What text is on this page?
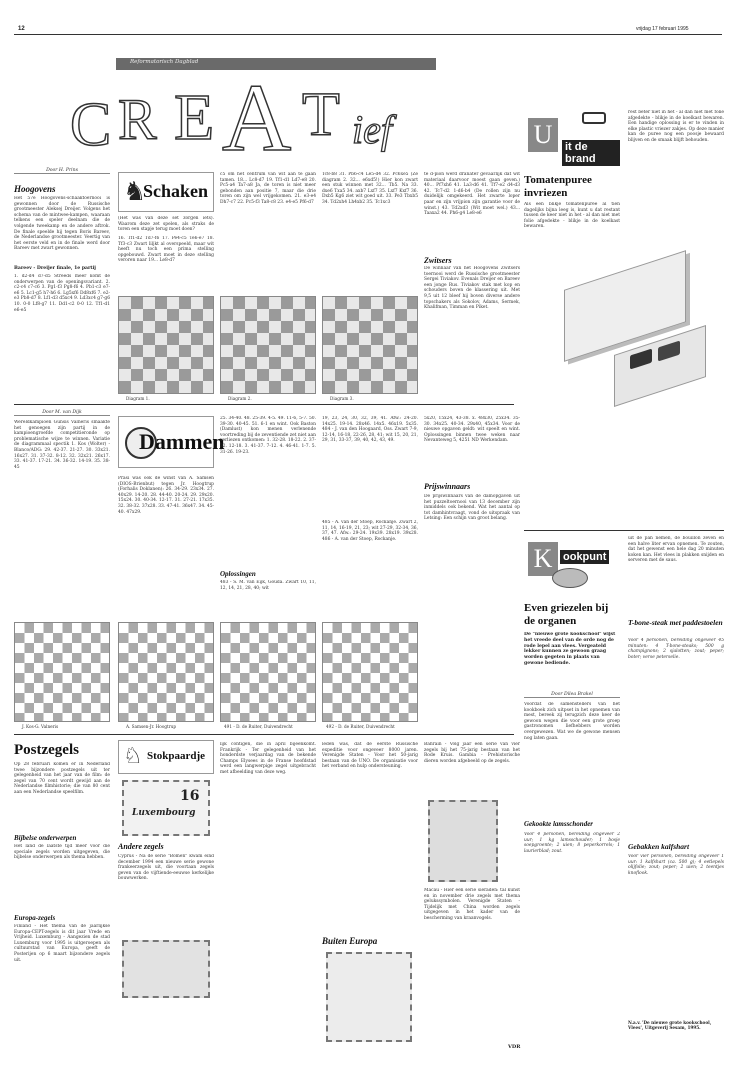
12	vrijdag 17 februari 1995
Reformatorisch Dagblad
C R E A T ief
Door H. Prins
Hoogovens
Het 57e Hoogovens-schaaktoernooi is gewonnen door de Russische grootmeester Aleksej Dreijer. Volgens het schema van de mintwee-kampen, waaraan telkens een speler deelnam die de volgende tweekamp en de andere aftrok. De finale speelde hij tegen Boris Bareev, de Nederlandse grootmeester. Veertig van het eerste veld en in de finale werd door Bareev met zwart gewonnen.
Bareev - Dreijer finale, 1e partij
1. d2-d4 d7-d5 Streeds meer komt de onderwerpen van de openingsvariant. 2. c2-c4 c7-c6 3. Pg1-f3 Pg8-f6 4. Pb1-c3 e7-e6 5. Lc1-g5 h7-h6 6. Lg5xf6 Dd8xf6 7. e2-e3 Pb8-d7 8. Lf1-d3 d5xc4 9. Ld3xc4 g7-g6 10. 0-0 Lf8-g7 11. Dd1-c2 0-0 12. Tf1-d1 e6-e5
♞
Schaken
(Het was van deze set zorgen iets). Waarom deze zet spelen, als straks de toren een stapje terug moet doen?
16. Tf1-d2 Td7-f6 17. Pe4-c5 Te6-e7 18. Tf3-c3 Zwart liljkt al overspeeld, maar wit heeft nu toch een prima stelling opgebouwd. Zwart moet in deze stelling veroren naar 19... Le8-d7
c5 om het centrum van wit aan te gaan tamen. 18... Lc8-d7 19. Tf1-d1 Ld7-e8 20. Pc5-a4 Ta7-a8 Ja, de toren is niet meer gebonden aan positie 7, maar die drie toren om zijn wel vrijgekomen. 21. e3-e4 Dh7-c7 22. Pc5-f3 Ta8-c8 23. e4-e5 Pf6-d7
Tc8-b8 31. Pb6-c4 Le5-d4 32. Pc6xe5 (Ze diagram 2. 32... e6xd5!) Hier kon zwart een stuk winnen met 32... Tb5. Na 33. dxe6 Txa5 34. axb7 Lxf7 35. Lxf7 Kxf7 36. Dxb5 Kg6 ziet wit goed uit. 33. Pe3 Tbxb5 34. Td2xh4 Lh4xb2 35. Tc1xc3
te d-pion werd dranater gevaarlijk dat wit materiaal daarvoor moest gaan geven.) 40... Pf7xh6 41. La3-d6 41. Tf7-e2 d4-d3 42. Tc7-d2 1-d6-b4 (De rollen zijn nu duidelijk omgekeerd. Het zwarte loper paar en zijn vrijpion zijn garantie voor de winst.) 43. Td2xd3 (Wit moet wel.) 43... Taaxa2 44. Ph6-g4 Le8-e6
Zwitsers
De winnaar van het Hoogovens Zwitsers toernooi werd de Russische grootmeester Sergei Tiviakov. Evenals Dreijer en Bareev een jonge Rus. Tiviakov stak met kop en schouders boven de klassering uit. Met 9,5 uit 12 bleef hij boven diverse andere topschakers als Sokolov, Adams, Sermek, Khalifman, Timman en Piket.
Diagram 1.	Diagram 2.	Diagram 3.
Door M. van Dijk
Wereldkampioen Gunsis Valneris smaakte het genoegen zijn partij in de kampioengroefde competitieronde op problematische wijze te winnen. Variatie de diagrammaal spectik 1. Kos (Wolter) - Blanco/ADG: 29. 42-37. 21-27. 30. 33x21. 16x27. 31. 37-32. 8-12. 32. 32x21. 26x17. 33. 41-37. 17-21. 34. 36-32. 14-19. 35. 38-45
Dammen
Prasi was ook de winst van A. Samsen (DIOS-Brienbut) tegen Jr. Hoogtrup (Forhalis Doklanen): 26. 34-29. 23x34. 27. 40x29. 14-20. 28. 44-40. 20-24. 29. 29x20. 15x24. 30. 40-34. 12-17. 31. 27-21. 17x35. 32. 38-32. 37x28. 33. 47-41. 36x47. 34. 45-40. 47x29.
25. 34-40. 48. 25-39. 4-5. 49. 11-6, 5-7. 50. 39-30. 40-45. 51. 6-1 en wint. Ook Baston (Damlust) kon menen verlenende voortreding bij de zeventiende zet niet aan verliezen ontkomen: 1. 32-28. 18-22. 2. 37-32. 12-18. 3. 41-37. 7-12. 4. 46-41. 1-7. 5. 31-26. 19-23.
Oplossingen
483 - S. M. van Eijk, Gouda. Zwart 10, 11, 12, 14, 21, 28, 40; wit
19, 23, 24, 30, 32, 39, 41. Afw.: 24-20. 14x25. 19-14. 28x46. 14x5. 46x19. 5x35. 484 - J. van den Hoogaard, Oss. Zwart 7-9, 12-14, 16-18, 22-26, 28, 41; wit 15, 20, 21, 29, 31, 33-37, 39, 40, 42, 43, 49.
485 - A. van der Stoep, Rockanje. Zwart 2, 11, 14, 16-19, 21, 23; wit 27-29, 32-34, 36, 37, 47. Afw.: 29-24. 19x39. 28x19. 39x28. 486 - A. van der Stoep, Rockanje.
5x20, 15x24, 43-38. x. 48x30, 25x34. 35-30. 34x25. 40-34. 29x40, 45x34. Voor de nieuwe opgaven geldt: wit speelt en wint. Oplossingen binnen twee weken naar Nevanteweg 5, 4251 ND Werkendam.
Prijswinnaars
De prijswinnaars van de damopgaven uit het puzzeltoernooi van 13 december zijn inmiddels ook bekend. Wat het aantal op tot damhintvraagt, vond de uitspraak van Letsing: Een schijn van groot belang.
J. Kos-G. Valneris	A. Samsen-Jr. Hoogtrup	491 - D. de Ruiter, Duivendrecht	492 - D. de Ruiter, Duivendrecht
Postzegels
Op 28 februari komen er in Nederland twee bijzondere postzegels uit ter gelegenheid van het jaar van de film: de zegel van 70 cent wordt gewijd aan de Nederlandse filmhistorie; die van 80 cent aan een Nederlandse speelfilm.
Bijbelse onderwerpen
Het land de laatste tijd meer voor die speciale zegels worden uitgegeven, die bijbelse onderwerpen als thema hebben.
Europa-zegels
Finland - Het thema van de jaarlijkse Europa-CEPT-zegels is dit jaar Vrede en Vrijheid. Luxemburg - Aangezien de stad Luxemburg voor 1995 is uitgeroepen als cultuurstad van Europa, geeft de Posterijen op 6 maart bijzondere zegels uit.
♘ Stokpaardje
Luxembourg
16
Andere zegels
Cyprus - Na de serie "Bomen" kwam eind december 1994 een nieuwe serie gewone frankeerzegels uit, die voortaan zegels geven van de vijftiende-eeuwse kerkelijke bouwwerken.
lijk contigen, die in april bijeenkomt. Frankrijk - Ter gelegenheid van het honderdste verjaardag van de bekende Champs Elysees in de Franse hoofdstad werd een langwerpige zegel uitgebracht met afbeelding van deze weg.
leden was, dat de eerste Russische expeditie voor ongeveer 8000 jaren. Verenigde Staten - Voor het 50-jarig bestaan van de UNO. De organisatie voor het verband en hulp ondersteuning.
Buiten Europa
Bahrain - Volg jaar een serie van vier zegels bij het 75-jarig bestaan van het Rode Kruis. Gambia - Prehistorische dieren worden afgebeeld op de zegels.
Macau - Hier een serie sieraden: ​tal kunst en in november drie zegels met thema gelukssymbolen. Verenigde Staten - Tijdelijk met China worden zegels uitgegeven in het kader van de bescherming van kraanvogels.
VDR
U	it de brand
Tomatenpuree invriezen
Als een blikje tomatenpuree al tien dagelijks bijna leeg is, kunt u dat restant tussen de keer niet in het - al dan niet met folie afgedekte - blikje in de koelkast bewaren.
rest beter niet in het - al dan niet met folie afgedekte - blikje in de koelkast bewaren. Een handige oplossing is er te vinden in elke plastic vriezer zakjes. Op deze manier kan de puree nog een poosje bewaard blijven en de smaak blijft behouden.
K ookpunt
Even griezelen bij de organen
De "nieuwe grote kookschool" wijst het vreede deel van de orde nog de rode lepel aan vlees. Vergeateld ​lekker kunnen ze gewoon graag worden gegeten in plaats van gewone bediende.
Door Dilea Brakel
Voordat de samenstellers van het kookboek zich uitpset in het opnemen van mest, bereek zij terugzich deze keer de gewoon wegen die voor een grote groep gastronomen liefhebbers worden overgewezen. Wat we de gewone mensen nog laten gaan.
Gekookte lamsschonder
Voor 4 personen, bereiding ongeveer 2 uur; 1 kg lamsschouder; 1 bosje soepgroente; 2 uien; 8 peperkorrels; 1 laurierblad; zout.
uit de pan nemen, de bouillon zeven en een halve liter ervan opnemen. Te zouten, dat het gewenst een hele dag 20 minuten koken kan. Het vlees in plakken snijden en serveren met de saus.
T-bone-steak met paddestoelen
Voor 4 personen, bereiding ongeveer 45 minuten: 4 T-bone-steaks; 500 g champignons; 2 sjalotten; zout; peper; boter; verse peterselie.
Gebakken kalfshart
Voor vier personen, bereiding ongeveer 1 uur: 1 kalfshart (ca. 500 g); 4 eetlepels olijfolie; zout; peper; 2 uien; 2 teentjes knoflook.
N.a.v. 'De nieuwe grote kookschool, Vlees', Uitgeverij Sesam, 1995.
